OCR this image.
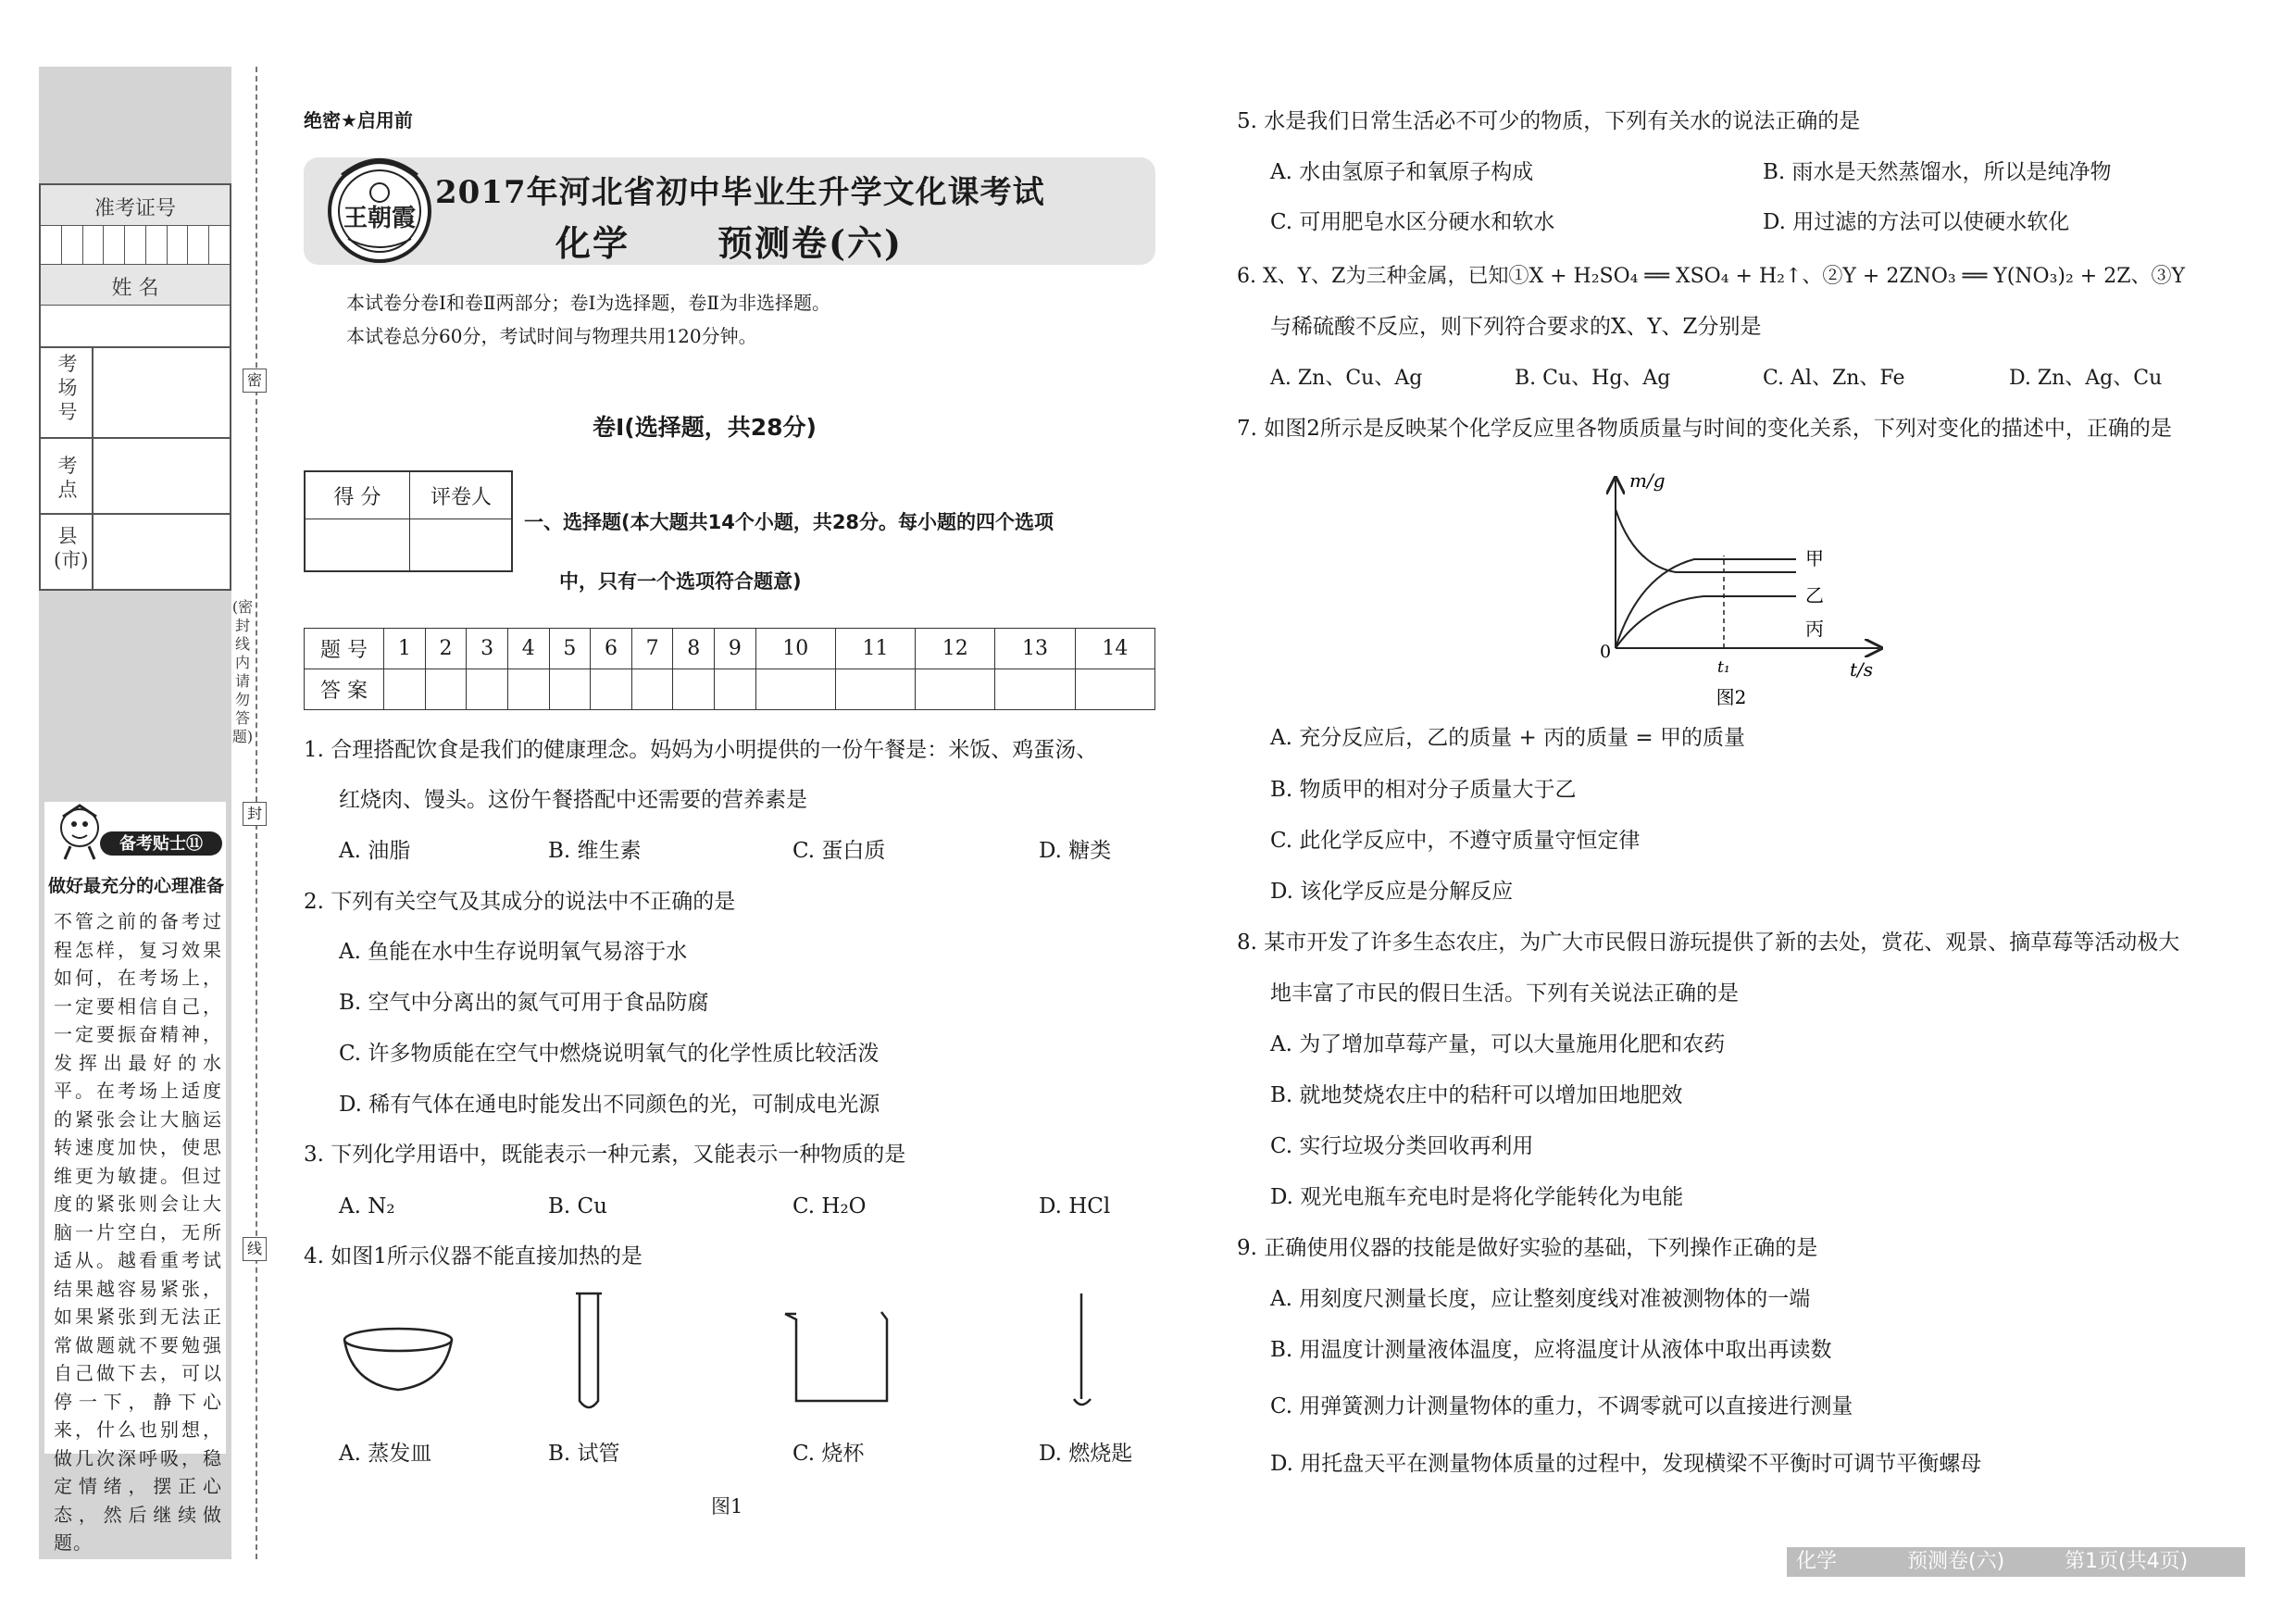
准考证号
姓 名
考
场
号
考
点
县
(市)
备考贴士⑪
做好最充分的心理准备
不管之前的备考过程怎样，复习效果如何，在考场上，一定要相信自己，一定要振奋精神，发挥出最好的水平。在考场上适度的紧张会让大脑运转速度加快，使思维更为敏捷。但过度的紧张则会让大脑一片空白，无所适从。越看重考试结果越容易紧张，如果紧张到无法正常做题就不要勉强自己做下去，可以停一下，静下心来，什么也别想，做几次深呼吸，稳定情绪，摆正心态，然后继续做题。
密
(密封线内请勿答题)
封
线
绝密★启用前
王朝霞
2017年河北省初中毕业生升学文化课考试
化学 预测卷(六)
本试卷分卷Ⅰ和卷Ⅱ两部分；卷Ⅰ为选择题，卷Ⅱ为非选择题。
本试卷总分60分，考试时间与物理共用120分钟。
卷Ⅰ(选择题，共28分)
得 分	评卷人
一、选择题(本大题共14个小题，共28分。每小题的四个选项
中，只有一个选项符合题意)
题 号	1	2	3	4	5	6	7	8	9	10	11	12	13	14
答 案														
1. 合理搭配饮食是我们的健康理念。妈妈为小明提供的一份午餐是：米饭、鸡蛋汤、
红烧肉、馒头。这份午餐搭配中还需要的营养素是
A. 油脂	B. 维生素	C. 蛋白质	D. 糖类
2. 下列有关空气及其成分的说法中不正确的是
A. 鱼能在水中生存说明氧气易溶于水
B. 空气中分离出的氮气可用于食品防腐
C. 许多物质能在空气中燃烧说明氧气的化学性质比较活泼
D. 稀有气体在通电时能发出不同颜色的光，可制成电光源
3. 下列化学用语中，既能表示一种元素，又能表示一种物质的是
A. N₂	B. Cu	C. H₂O	D. HCl
4. 如图1所示仪器不能直接加热的是
A. 蒸发皿	B. 试管	C. 烧杯	D. 燃烧匙
图1
5. 水是我们日常生活必不可少的物质，下列有关水的说法正确的是
A. 水由氢原子和氧原子构成	B. 雨水是天然蒸馏水，所以是纯净物
C. 可用肥皂水区分硬水和软水	D. 用过滤的方法可以使硬水软化
6. X、Y、Z为三种金属，已知①X + H₂SO₄ ══ XSO₄ + H₂↑、②Y + 2ZNO₃ ══ Y(NO₃)₂ + 2Z、③Y
与稀硫酸不反应，则下列符合要求的X、Y、Z分别是
A. Zn、Cu、Ag	B. Cu、Hg、Ag	C. Al、Zn、Fe	D. Zn、Ag、Cu
7. 如图2所示是反映某个化学反应里各物质质量与时间的变化关系，下列对变化的描述中，正确的是
m/g
t/s
0
t₁
甲
乙
丙
图2
A. 充分反应后，乙的质量 + 丙的质量 = 甲的质量
B. 物质甲的相对分子质量大于乙
C. 此化学反应中，不遵守质量守恒定律
D. 该化学反应是分解反应
8. 某市开发了许多生态农庄，为广大市民假日游玩提供了新的去处，赏花、观景、摘草莓等活动极大
地丰富了市民的假日生活。下列有关说法正确的是
A. 为了增加草莓产量，可以大量施用化肥和农药
B. 就地焚烧农庄中的秸秆可以增加田地肥效
C. 实行垃圾分类回收再利用
D. 观光电瓶车充电时是将化学能转化为电能
9. 正确使用仪器的技能是做好实验的基础，下列操作正确的是
A. 用刻度尺测量长度，应让整刻度线对准被测物体的一端
B. 用温度计测量液体温度，应将温度计从液体中取出再读数
C. 用弹簧测力计测量物体的重力，不调零就可以直接进行测量
D. 用托盘天平在测量物体质量的过程中，发现横梁不平衡时可调节平衡螺母
化学	预测卷(六)	第1页(共4页)
